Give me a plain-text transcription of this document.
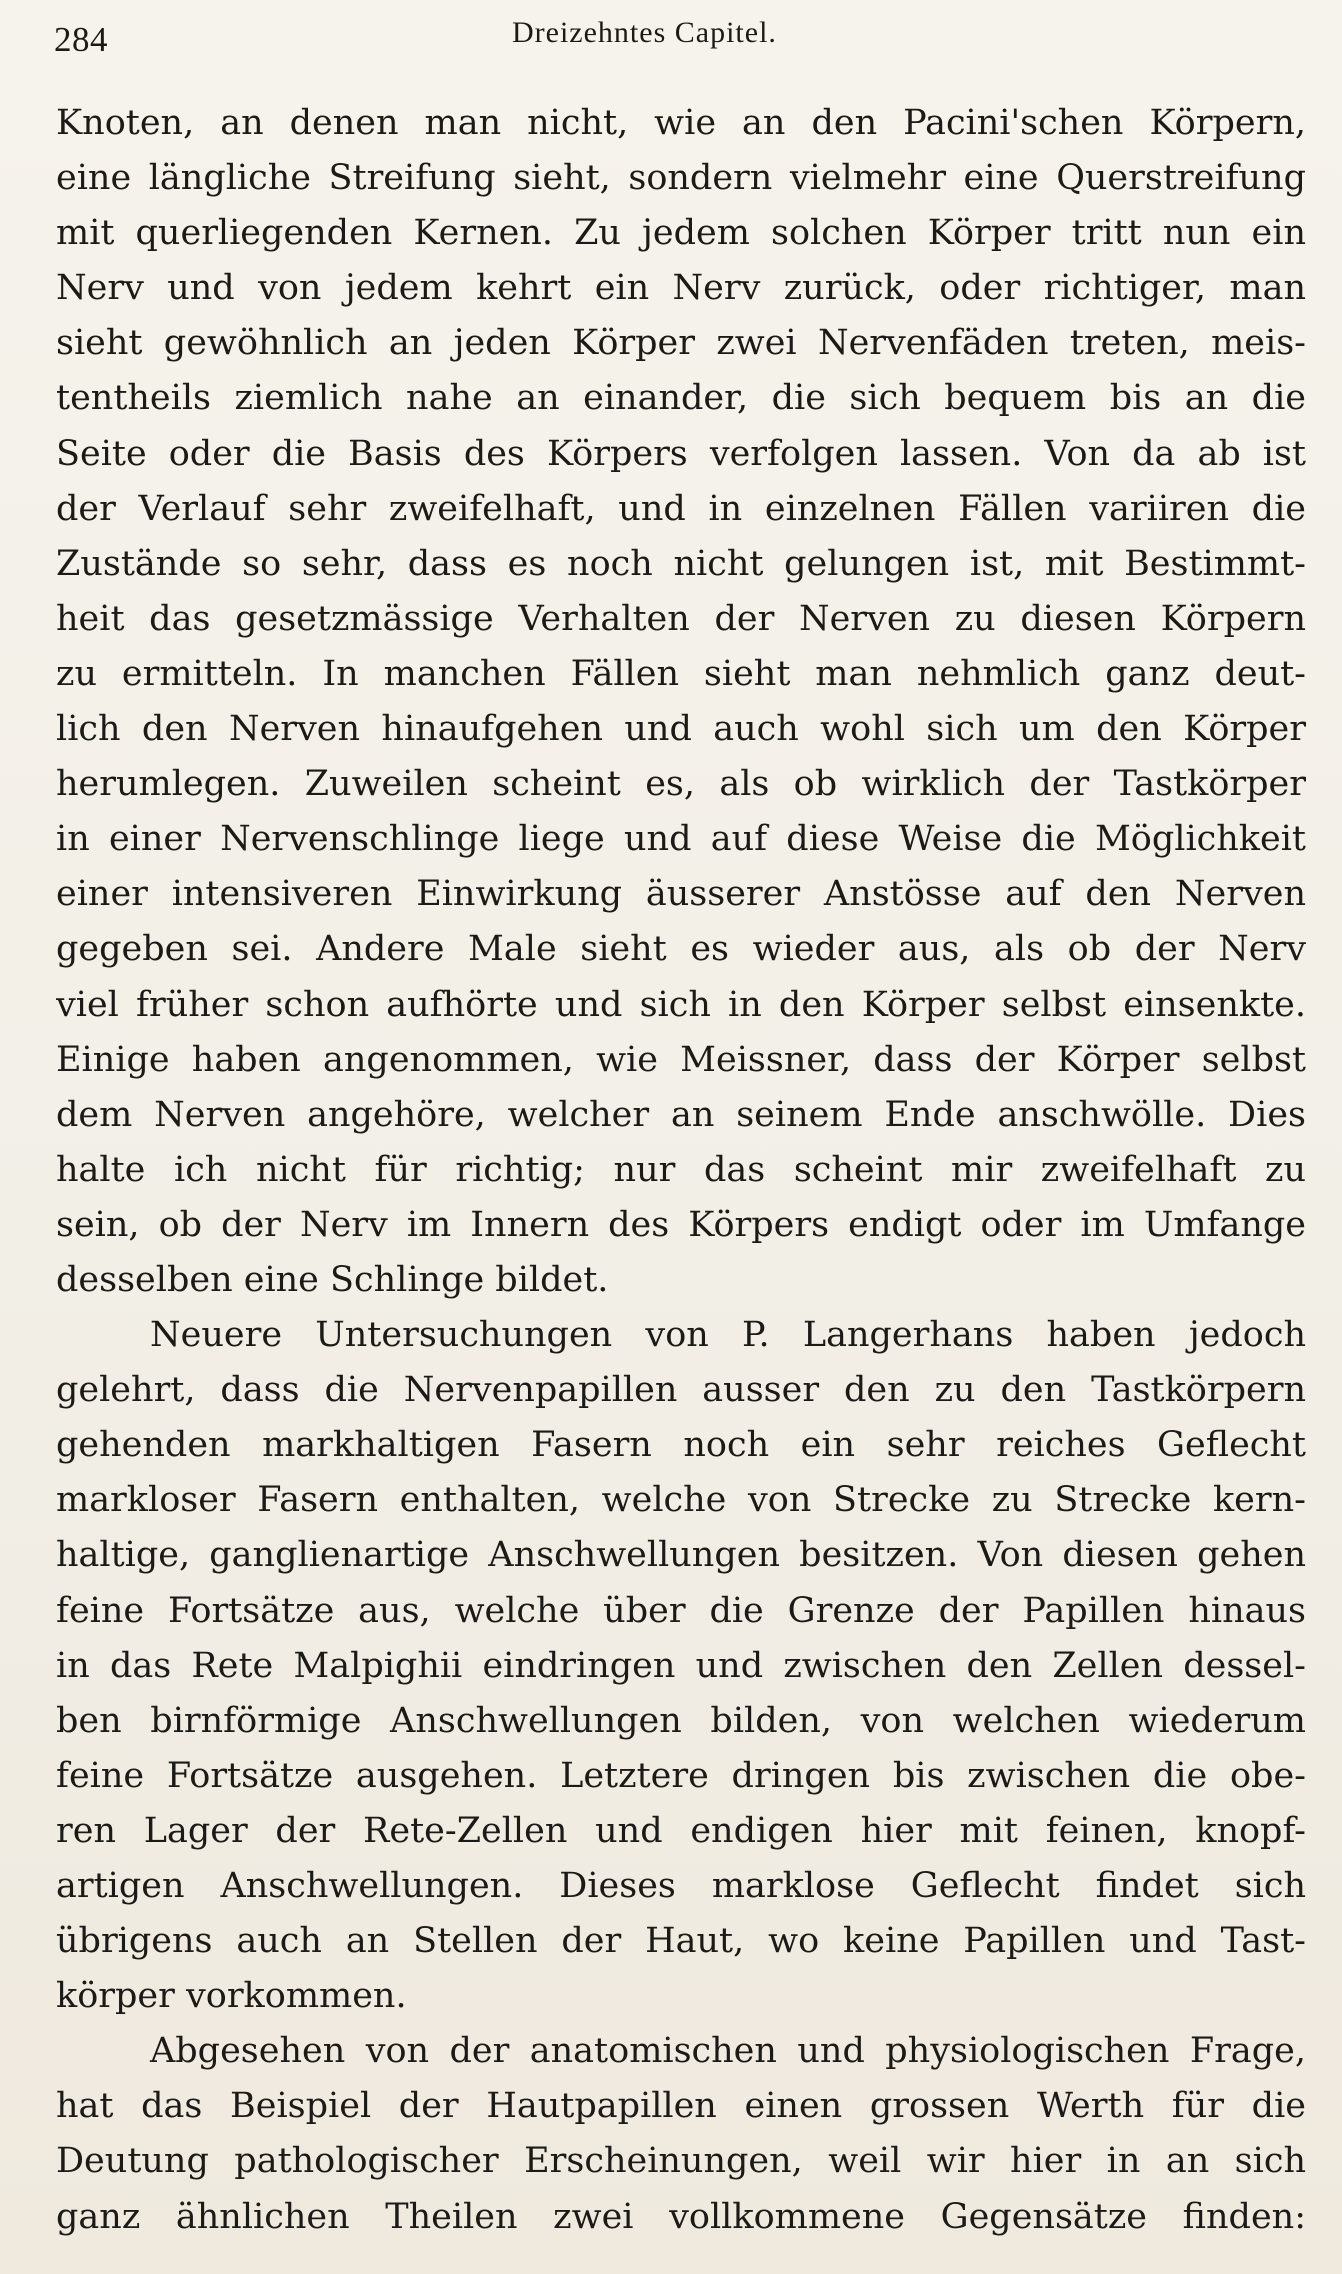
284	Dreizehntes Capitel.
Knoten, an denen man nicht, wie an den Pacini'schen Körpern,
eine längliche Streifung sieht, sondern vielmehr eine Querstreifung
mit querliegenden Kernen. Zu jedem solchen Körper tritt nun ein
Nerv und von jedem kehrt ein Nerv zurück, oder richtiger, man
sieht gewöhnlich an jeden Körper zwei Nervenfäden treten, meis-
tentheils ziemlich nahe an einander, die sich bequem bis an die
Seite oder die Basis des Körpers verfolgen lassen. Von da ab ist
der Verlauf sehr zweifelhaft, und in einzelnen Fällen variiren die
Zustände so sehr, dass es noch nicht gelungen ist, mit Bestimmt-
heit das gesetzmässige Verhalten der Nerven zu diesen Körpern
zu ermitteln. In manchen Fällen sieht man nehmlich ganz deut-
lich den Nerven hinaufgehen und auch wohl sich um den Körper
herumlegen. Zuweilen scheint es, als ob wirklich der Tastkörper
in einer Nervenschlinge liege und auf diese Weise die Möglichkeit
einer intensiveren Einwirkung äusserer Anstösse auf den Nerven
gegeben sei. Andere Male sieht es wieder aus, als ob der Nerv
viel früher schon aufhörte und sich in den Körper selbst einsenkte.
Einige haben angenommen, wie Meissner, dass der Körper selbst
dem Nerven angehöre, welcher an seinem Ende anschwölle. Dies
halte ich nicht für richtig; nur das scheint mir zweifelhaft zu
sein, ob der Nerv im Innern des Körpers endigt oder im Umfange
desselben eine Schlinge bildet.
Neuere Untersuchungen von P. Langerhans haben jedoch
gelehrt, dass die Nervenpapillen ausser den zu den Tastkörpern
gehenden markhaltigen Fasern noch ein sehr reiches Geflecht
markloser Fasern enthalten, welche von Strecke zu Strecke kern-
haltige, ganglienartige Anschwellungen besitzen. Von diesen gehen
feine Fortsätze aus, welche über die Grenze der Papillen hinaus
in das Rete Malpighii eindringen und zwischen den Zellen dessel-
ben birnförmige Anschwellungen bilden, von welchen wiederum
feine Fortsätze ausgehen. Letztere dringen bis zwischen die obe-
ren Lager der Rete-Zellen und endigen hier mit feinen, knopf-
artigen Anschwellungen. Dieses marklose Geflecht findet sich
übrigens auch an Stellen der Haut, wo keine Papillen und Tast-
körper vorkommen.
Abgesehen von der anatomischen und physiologischen Frage,
hat das Beispiel der Hautpapillen einen grossen Werth für die
Deutung pathologischer Erscheinungen, weil wir hier in an sich
ganz ähnlichen Theilen zwei vollkommene Gegensätze finden:
